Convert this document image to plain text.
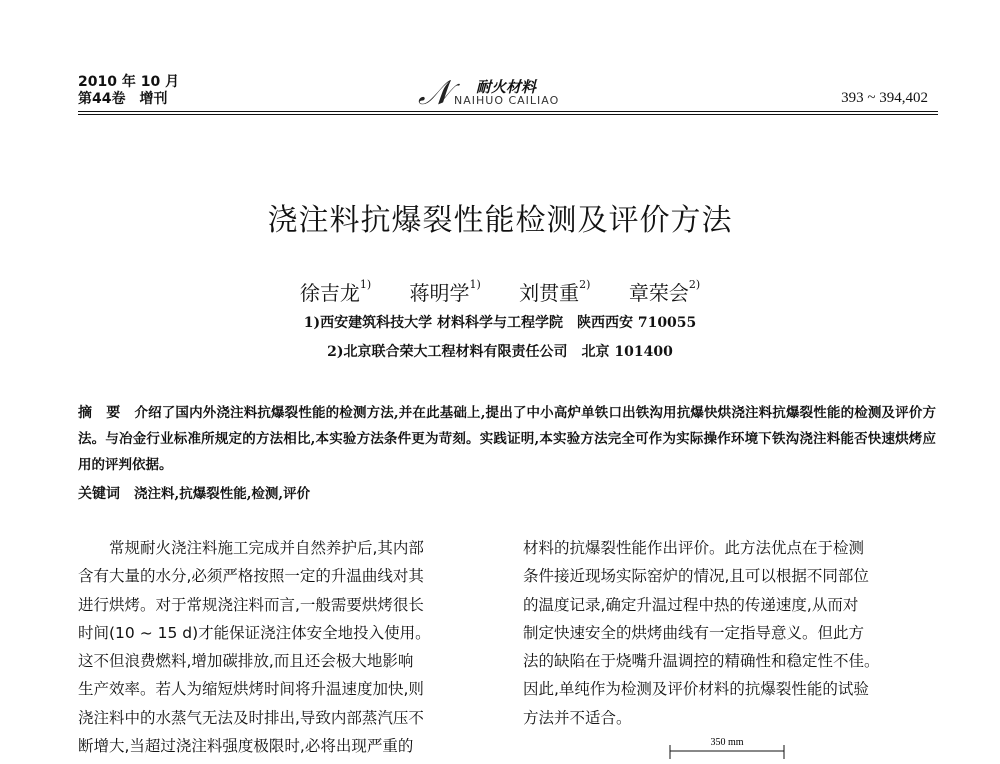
2010 年 10 月
第44卷　增刊	𝒩 耐火材料
NAIHUO CAILIAO	393 ~ 394,402
浇注料抗爆裂性能检测及评价方法
徐吉龙$^{1)}$ 蒋明学$^{1)}$ 刘贯重$^{2)}$ 章荣会$^{2)}$
1)西安建筑科技大学 材料科学与工程学院　陕西西安 710055
2)北京联合荣大工程材料有限责任公司　北京 101400
摘　要 介绍了国内外浇注料抗爆裂性能的检测方法,并在此基础上,提出了中小高炉单铁口出铁沟用抗爆快烘浇注料抗爆裂性能的检测及评价方法。与冶金行业标准所规定的方法相比,本实验方法条件更为苛刻。实践证明,本实验方法完全可作为实际操作环境下铁沟浇注料能否快速烘烤应用的评判依据。
关键词 浇注料,抗爆裂性能,检测,评价

　　常规耐火浇注料施工完成并自然养护后,其内部

含有大量的水分,必须严格按照一定的升温曲线对其

进行烘烤。对于常规浇注料而言,一般需要烘烤很长

时间(10 ~ 15 d)才能保证浇注体安全地投入使用。

这不但浪费燃料,增加碳排放,而且还会极大地影响

生产效率。若人为缩短烘烤时间将升温速度加快,则

浇注料中的水蒸气无法及时排出,导致内部蒸汽压不

断增大,当超过浇注料强度极限时,必将出现严重的

材料的抗爆裂性能作出评价。此方法优点在于检测

条件接近现场实际窑炉的情况,且可以根据不同部位

的温度记录,确定升温过程中热的传递速度,从而对

制定快速安全的烘烤曲线有一定指导意义。但此方

法的缺陷在于烧嘴升温调控的精确性和稳定性不佳。

因此,单纯作为检测及评价材料的抗爆裂性能的试验

方法并不适合。

350 mm
